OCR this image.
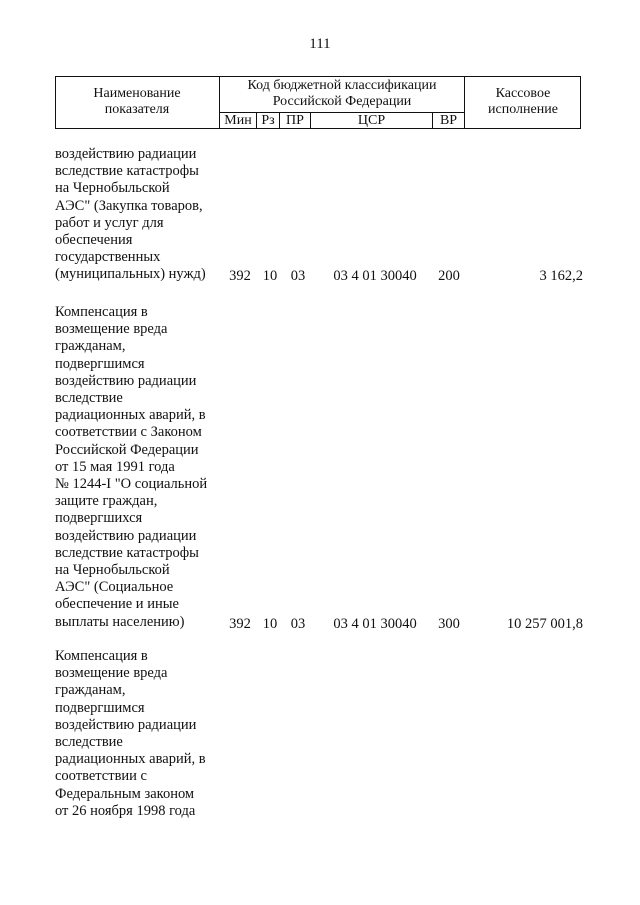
111
Наименование
показателя
Код бюджетной классификации
Российской Федерации
Кассовое
исполнение
Мин Рз ПР	ЦСР	ВР
воздействию радиации
вследствие катастрофы
на Чернобыльской
АЭС" (Закупка товаров,
работ и услуг для
обеспечения
государственных
(муниципальных) нужд)	392 10 03	03 4 01 30040	200	3 162,2
Компенсация в
возмещение вреда
гражданам,
подвергшимся
воздействию радиации
вследствие
радиационных аварий, в
соответствии с Законом
Российской Федерации
от 15 мая 1991 года
№ 1244-I "О социальной
защите граждан,
подвергшихся
воздействию радиации
вследствие катастрофы
на Чернобыльской
АЭС" (Социальное
обеспечение и иные
выплаты населению)	392 10 03	03 4 01 30040	300	10 257 001,8
Компенсация в
возмещение вреда
гражданам,
подвергшимся
воздействию радиации
вследствие
радиационных аварий, в
соответствии с
Федеральным законом
от 26 ноября 1998 года
